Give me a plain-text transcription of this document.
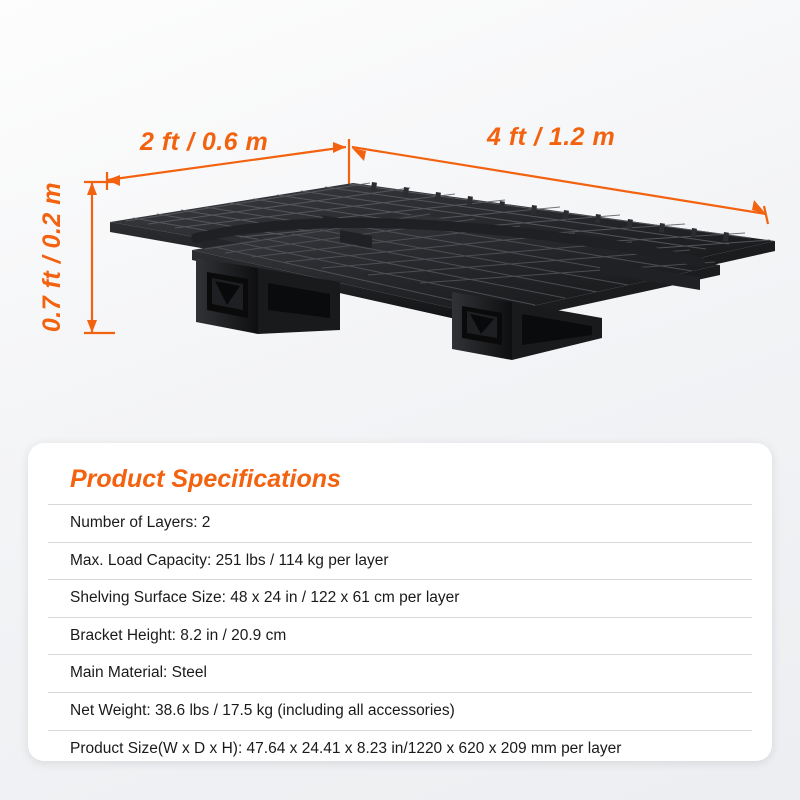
2 ft / 0.6 m	4 ft / 1.2 m
0.7 ft / 0.2 m
Product Specifications
Number of Layers: 2
Max. Load Capacity: 251 lbs / 114 kg per layer
Shelving Surface Size: 48 x 24 in / 122 x 61 cm per layer
Bracket Height: 8.2 in / 20.9 cm
Main Material: Steel
Net Weight: 38.6 lbs / 17.5 kg (including all accessories)
Product Size(W x D x H): 47.64 x 24.41 x 8.23 in/1220 x 620 x 209 mm per layer
